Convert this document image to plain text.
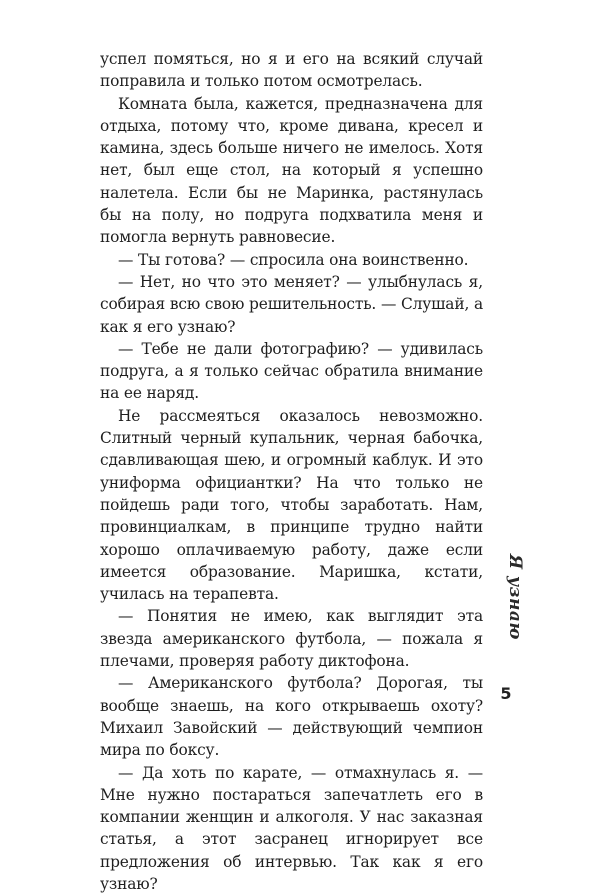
успел помяться, но я и его на всякий случай поправила и только потом осмотрелась.

Комната была, кажется, предназначена для отдыха, потому что, кроме дивана, кресел и камина, здесь больше ничего не имелось. Хотя нет, был еще стол, на который я успешно налетела. Если бы не Маринка, растянулась бы на полу, но подруга подхватила меня и помогла вернуть равновесие.

— Ты готова? — спросила она воинственно.

— Нет, но что это меняет? — улыбнулась я, собирая всю свою решительность. — Слушай, а как я его узнаю?

— Тебе не дали фотографию? — удивилась подруга, а я только сейчас обратила внимание на ее наряд.

Не рассмеяться оказалось невозможно. Слитный черный купальник, черная бабочка, сдавливающая шею, и огромный каблук. И это униформа официантки? На что только не пойдешь ради того, чтобы заработать. Нам, провинциалкам, в принципе трудно найти хорошо оплачиваемую работу, даже если имеется образование. Маришка, кстати, училась на терапевта.

— Понятия не имею, как выглядит эта звезда американского футбола, — пожала я плечами, проверяя работу диктофона.

— Американского футбола? Дорогая, ты вообще знаешь, на кого открываешь охоту? Михаил Завойский — действующий чемпион мира по боксу.

— Да хоть по карате, — отмахнулась я. — Мне нужно постараться запечатлеть его в компании женщин и алкоголя. У нас заказная статья, а этот засранец игнорирует все предложения об интервью. Так как я его узнаю?

Я узнаю
5
